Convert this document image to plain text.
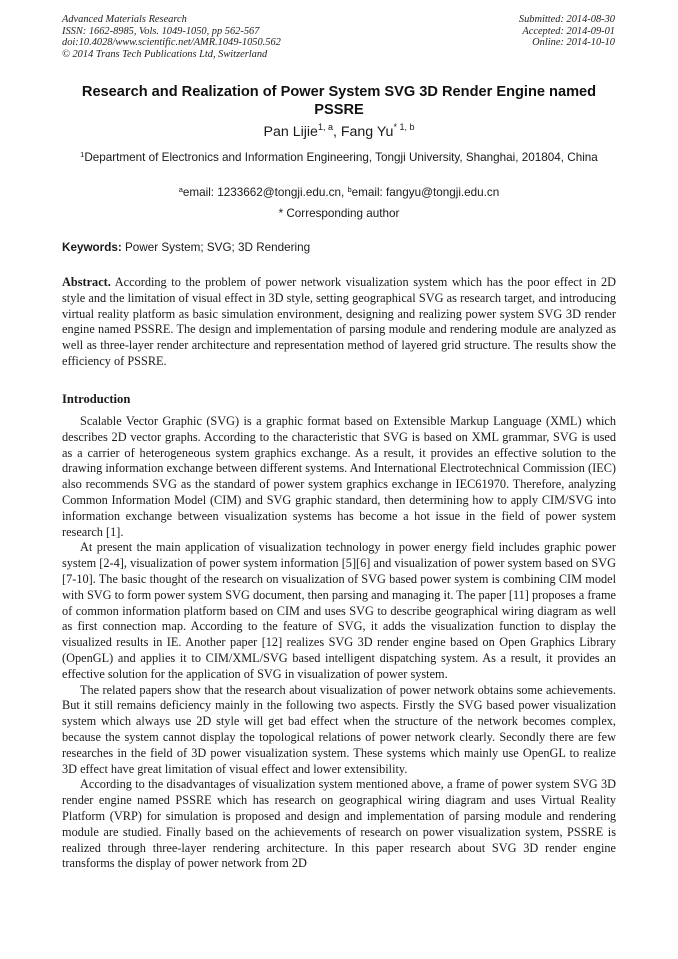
Advanced Materials Research
ISSN: 1662-8985, Vols. 1049-1050, pp 562-567
doi:10.4028/www.scientific.net/AMR.1049-1050.562
© 2014 Trans Tech Publications Ltd, Switzerland
Submitted: 2014-08-30
Accepted: 2014-09-01
Online: 2014-10-10
Research and Realization of Power System SVG 3D Render Engine named PSSRE
Pan Lijie$^{1, a}$, Fang Yu$^{* 1, b}$
$^1$Department of Electronics and Information Engineering, Tongji University, Shanghai, 201804, China
$^a$email: 1233662@tongji.edu.cn, $^b$email: fangyu@tongji.edu.cn
* Corresponding author
Keywords: Power System; SVG; 3D Rendering

Abstract. According to the problem of power network visualization system which has the poor effect in 2D style and the limitation of visual effect in 3D style, setting geographical SVG as research target, and introducing virtual reality platform as basic simulation environment, designing and realizing power system SVG 3D render engine named PSSRE. The design and implementation of parsing module and rendering module are analyzed as well as three-layer render architecture and representation method of layered grid structure. The results show the efficiency of PSSRE.

Introduction

Scalable Vector Graphic (SVG) is a graphic format based on Extensible Markup Language (XML) which describes 2D vector graphs. According to the characteristic that SVG is based on XML grammar, SVG is used as a carrier of heterogeneous system graphics exchange. As a result, it provides an effective solution to the drawing information exchange between different systems. And International Electrotechnical Commission (IEC) also recommends SVG as the standard of power system graphics exchange in IEC61970. Therefore, analyzing Common Information Model (CIM) and SVG graphic standard, then determining how to apply CIM/SVG into information exchange between visualization systems has become a hot issue in the field of power system research [1].

At present the main application of visualization technology in power energy field includes graphic power system [2-4], visualization of power system information [5][6] and visualization of power system based on SVG [7-10]. The basic thought of the research on visualization of SVG based power system is combining CIM model with SVG to form power system SVG document, then parsing and managing it. The paper [11] proposes a frame of common information platform based on CIM and uses SVG to describe geographical wiring diagram as well as first connection map. According to the feature of SVG, it adds the visualization function to display the visualized results in IE. Another paper [12] realizes SVG 3D render engine based on Open Graphics Library (OpenGL) and applies it to CIM/XML/SVG based intelligent dispatching system. As a result, it provides an effective solution for the application of SVG in visualization of power system.

The related papers show that the research about visualization of power network obtains some achievements. But it still remains deficiency mainly in the following two aspects. Firstly the SVG based power visualization system which always use 2D style will get bad effect when the structure of the network becomes complex, because the system cannot display the topological relations of power network clearly. Secondly there are few researches in the field of 3D power visualization system. These systems which mainly use OpenGL to realize 3D effect have great limitation of visual effect and lower extensibility.

According to the disadvantages of visualization system mentioned above, a frame of power system SVG 3D render engine named PSSRE which has research on geographical wiring diagram and uses Virtual Reality Platform (VRP) for simulation is proposed and design and implementation of parsing module and rendering module are studied. Finally based on the achievements of research on power visualization system, PSSRE is realized through three-layer rendering architecture. In this paper research about SVG 3D render engine transforms the display of power network from 2D
